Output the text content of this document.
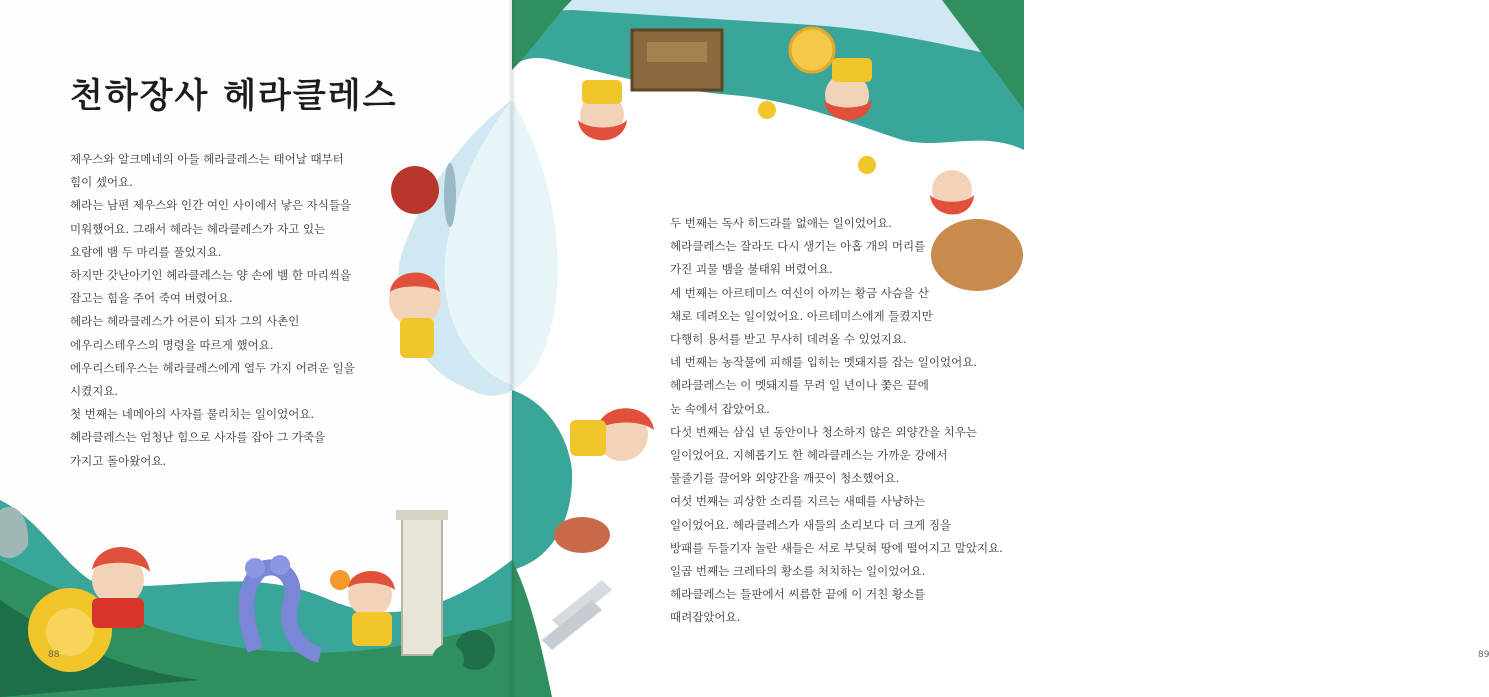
천하장사 헤라클레스
제우스와 알크메네의 아들 헤라클레스는 태어날 때부터
힘이 셌어요.
헤라는 남편 제우스와 인간 여인 사이에서 낳은 자식들을
미워했어요. 그래서 헤라는 헤라클레스가 자고 있는
요람에 뱀 두 마리를 풀었지요.
하지만 갓난아기인 헤라클레스는 양 손에 뱀 한 마리씩을
잡고는 힘을 주어 죽여 버렸어요.
헤라는 헤라클레스가 어른이 되자 그의 사촌인
에우리스테우스의 명령을 따르게 했어요.
에우리스테우스는 헤라클레스에게 열두 가지 어려운 일을
시켰지요.
첫 번째는 네메아의 사자를 물리치는 일이었어요.
헤라클레스는 엄청난 힘으로 사자를 잡아 그 가죽을
가지고 돌아왔어요.
88	89
두 번째는 독사 히드라를 없애는 일이었어요.
헤라클레스는 잘라도 다시 생기는 아홉 개의 머리를
가진 괴물 뱀을 불태워 버렸어요.
세 번째는 아르테미스 여신이 아끼는 황금 사슴을 산
채로 데려오는 일이었어요. 아르테미스에게 들켰지만
다행히 용서를 받고 무사히 데려올 수 있었지요.
네 번째는 농작물에 피해를 입히는 멧돼지를 잡는 일이었어요.
헤라클레스는 이 멧돼지를 무려 일 년이나 쫓은 끝에
눈 속에서 잡았어요.
다섯 번째는 삼십 년 동안이나 청소하지 않은 외양간을 치우는
일이었어요. 지혜롭기도 한 헤라클레스는 가까운 강에서
물줄기를 끌어와 외양간을 깨끗이 청소했어요.
여섯 번째는 괴상한 소리를 지르는 새떼를 사냥하는
일이었어요. 헤라클레스가 새들의 소리보다 더 크게 징을
방패를 두들기자 놀란 새들은 서로 부딪혀 땅에 떨어지고 말았지요.
일곱 번째는 크레타의 황소를 처치하는 일이었어요.
헤라클레스는 들판에서 씨름한 끝에 이 거친 황소를
때려잡았어요.
